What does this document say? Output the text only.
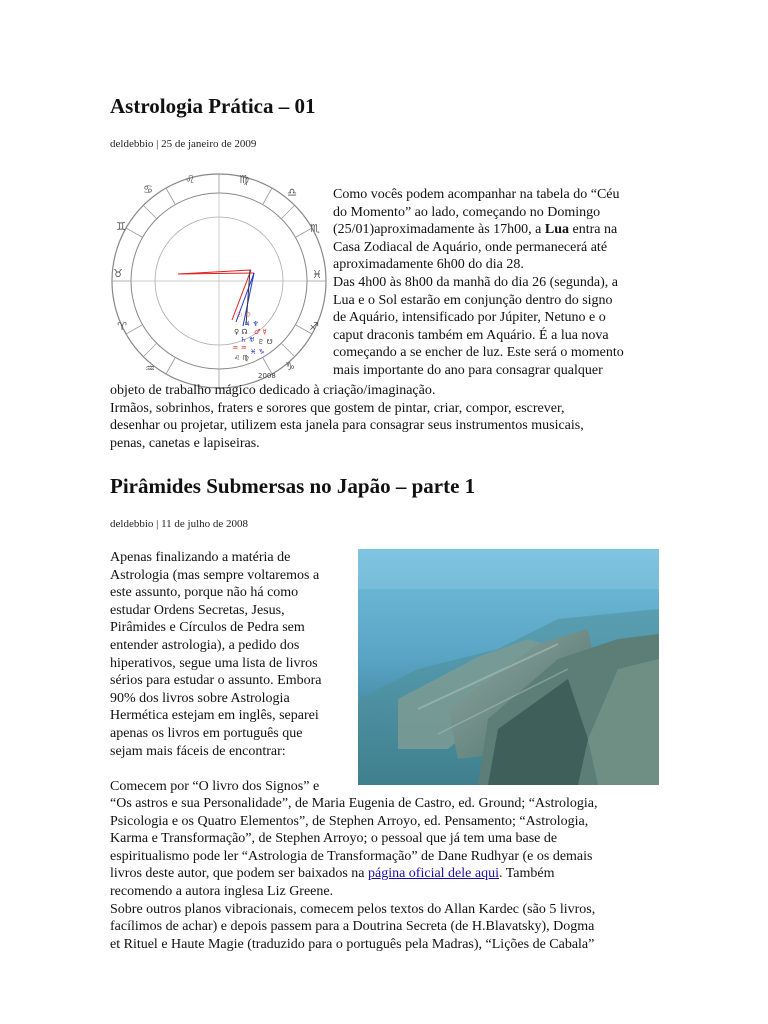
Astrologia Prática – 01
deldebbio | 25 de janeiro de 2009
♋
♊
♉
♌
♈
♓
♍
♎
♏
♐
♑
♒
☉ ☽
♃ ♆
♀ ☊ ♂ ☿
♄ ♅ ♇ ☋
♒ ♒ ♓ ♑
♌ ♍
2008
Como vocês podem acompanhar na tabela do “Céu
do Momento” ao lado, começando no Domingo
(25/01)aproximadamente às 17h00, a Lua entra na
Casa Zodiacal de Aquário, onde permanecerá até
aproximadamente 6h00 do dia 28.
Das 4h00 às 8h00 da manhã do dia 26 (segunda), a
Lua e o Sol estarão em conjunção dentro do signo
de Aquário, intensificado por Júpiter, Netuno e o
caput draconis também em Aquário. É a lua nova
começando a se encher de luz. Este será o momento
mais importante do ano para consagrar qualquer
objeto de trabalho mágico dedicado à criação/imaginação.
Irmãos, sobrinhos, fraters e sorores que gostem de pintar, criar, compor, escrever,
desenhar ou projetar, utilizem esta janela para consagrar seus instrumentos musicais,
penas, canetas e lapiseiras.
Pirâmides Submersas no Japão – parte 1
deldebbio | 11 de julho de 2008
Apenas finalizando a matéria de
Astrologia (mas sempre voltaremos a
este assunto, porque não há como
estudar Ordens Secretas, Jesus,
Pirâmides e Círculos de Pedra sem
entender astrologia), a pedido dos
hiperativos, segue uma lista de livros
sérios para estudar o assunto. Embora
90% dos livros sobre Astrologia
Hermética estejam em inglês, separei
apenas os livros em português que
sejam mais fáceis de encontrar:

Comecem por “O livro dos Signos” e
“Os astros e sua Personalidade”, de Maria Eugenia de Castro, ed. Ground; “Astrologia,
Psicologia e os Quatro Elementos”, de Stephen Arroyo, ed. Pensamento; “Astrologia,
Karma e Transformação”, de Stephen Arroyo; o pessoal que já tem uma base de
espiritualismo pode ler “Astrologia de Transformação” de Dane Rudhyar (e os demais
livros deste autor, que podem ser baixados na página oficial dele aqui. Também
recomendo a autora inglesa Liz Greene.
Sobre outros planos vibracionais, comecem pelos textos do Allan Kardec (são 5 livros,
facílimos de achar) e depois passem para a Doutrina Secreta (de H.Blavatsky), Dogma
et Rituel e Haute Magie (traduzido para o português pela Madras), “Lições de Cabala”
